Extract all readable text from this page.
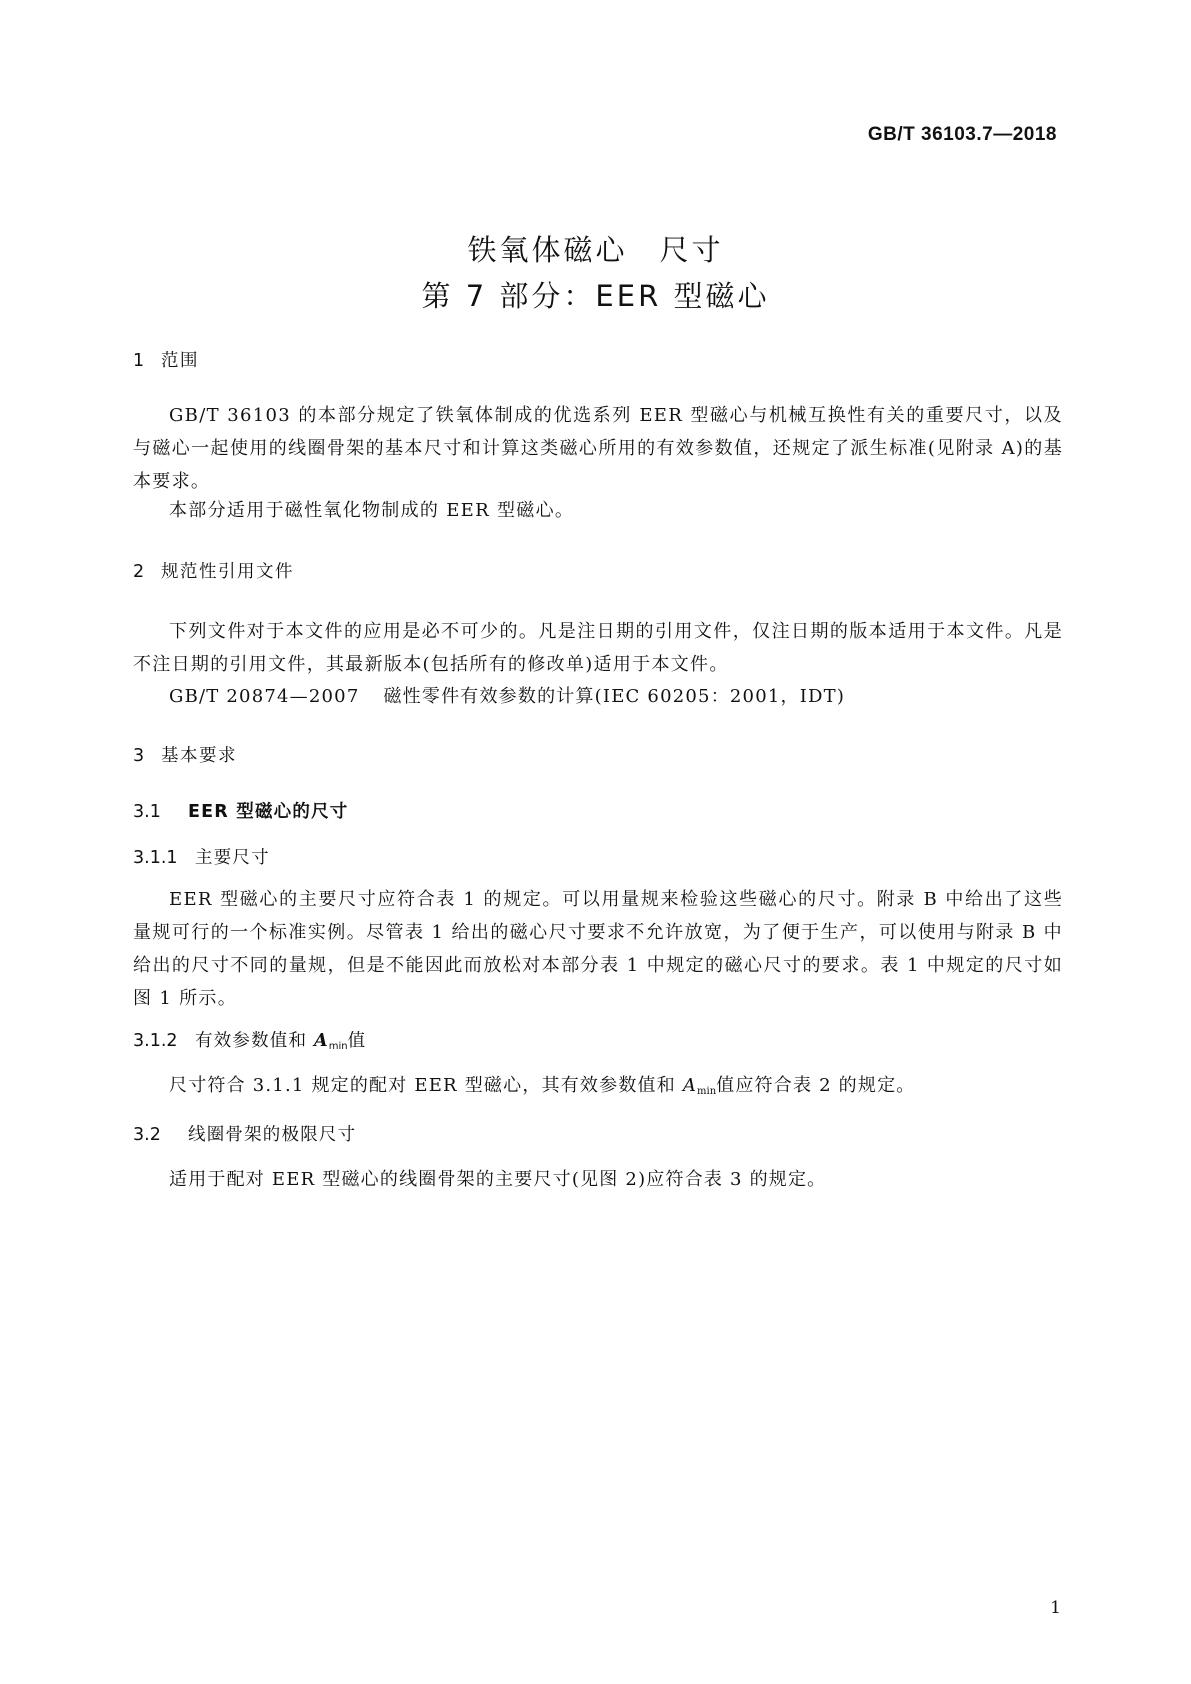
GB/T 36103.7—2018
铁氧体磁心　尺寸
第 7 部分：EER 型磁心
1 范围

GB/T 36103 的本部分规定了铁氧体制成的优选系列 EER 型磁心与机械互换性有关的重要尺寸，以及与磁心一起使用的线圈骨架的基本尺寸和计算这类磁心所用的有效参数值，还规定了派生标准(见附录 A)的基本要求。

本部分适用于磁性氧化物制成的 EER 型磁心。

2 规范性引用文件

下列文件对于本文件的应用是必不可少的。凡是注日期的引用文件，仅注日期的版本适用于本文件。凡是不注日期的引用文件，其最新版本(包括所有的修改单)适用于本文件。

GB/T 20874—2007 磁性零件有效参数的计算(IEC 60205：2001，IDT)
3 基本要求
3.1 EER 型磁心的尺寸
3.1.1 主要尺寸

EER 型磁心的主要尺寸应符合表 1 的规定。可以用量规来检验这些磁心的尺寸。附录 B 中给出了这些量规可行的一个标准实例。尽管表 1 给出的磁心尺寸要求不允许放宽，为了便于生产，可以使用与附录 B 中给出的尺寸不同的量规，但是不能因此而放松对本部分表 1 中规定的磁心尺寸的要求。表 1 中规定的尺寸如图 1 所示。

3.1.2 有效参数值和 $A_{min}$值
尺寸符合 3.1.1 规定的配对 EER 型磁心，其有效参数值和 $A_{min}$值应符合表 2 的规定。
3.2 线圈骨架的极限尺寸
适用于配对 EER 型磁心的线圈骨架的主要尺寸(见图 2)应符合表 3 的规定。
1
